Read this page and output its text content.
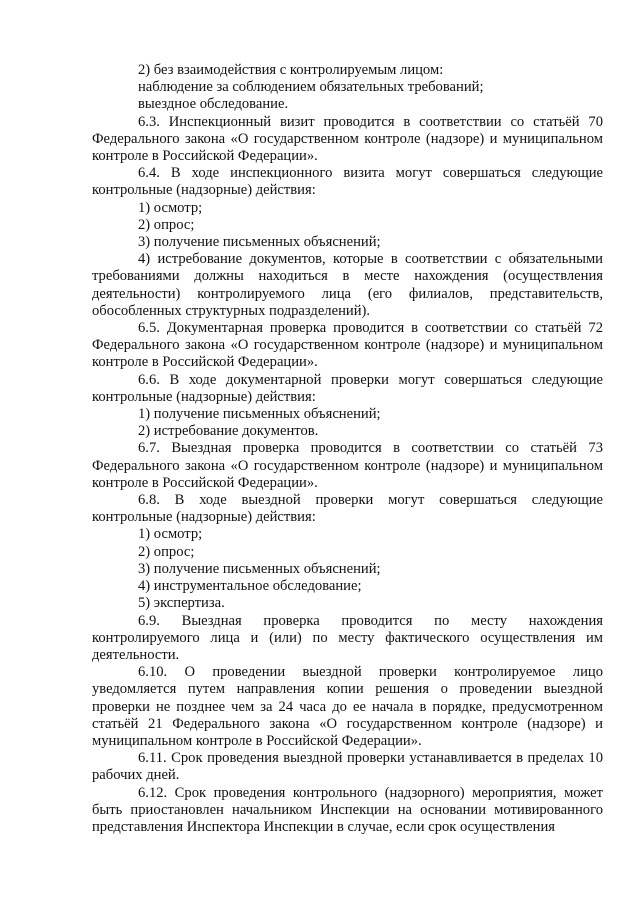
2) без взаимодействия с контролируемым лицом:

наблюдение за соблюдением обязательных требований;

выездное обследование.

6.3. Инспекционный визит проводится в соответствии со статьёй 70 Федерального закона «О государственном контроле (надзоре) и муниципальном контроле в Российской Федерации».

6.4. В ходе инспекционного визита могут совершаться следующие контрольные (надзорные) действия:

1) осмотр;

2) опрос;

3) получение письменных объяснений;

4) истребование документов, которые в соответствии с обязательными требованиями должны находиться в месте нахождения (осуществления деятельности) контролируемого лица (его филиалов, представительств, обособленных структурных подразделений).

6.5. Документарная проверка проводится в соответствии со статьёй 72 Федерального закона «О государственном контроле (надзоре) и муниципальном контроле в Российской Федерации».

6.6. В ходе документарной проверки могут совершаться следующие контрольные (надзорные) действия:

1) получение письменных объяснений;

2) истребование документов.

6.7. Выездная проверка проводится в соответствии со статьёй 73 Федерального закона «О государственном контроле (надзоре) и муниципальном контроле в Российской Федерации».

6.8. В ходе выездной проверки могут совершаться следующие контрольные (надзорные) действия:

1) осмотр;

2) опрос;

3) получение письменных объяснений;

4) инструментальное обследование;

5) экспертиза.

6.9. Выездная проверка проводится по месту нахождения контролируемого лица и (или) по месту фактического осуществления им деятельности.

6.10. О проведении выездной проверки контролируемое лицо уведомляется путем направления копии решения о проведении выездной проверки не позднее чем за 24 часа до ее начала в порядке, предусмотренном статьёй 21 Федерального закона «О государственном контроле (надзоре) и муниципальном контроле в Российской Федерации».

6.11. Срок проведения выездной проверки устанавливается в пределах 10 рабочих дней.

6.12. Срок проведения контрольного (надзорного) мероприятия, может быть приостановлен начальником Инспекции на основании мотивированного представления Инспектора Инспекции в случае, если срок осуществления
